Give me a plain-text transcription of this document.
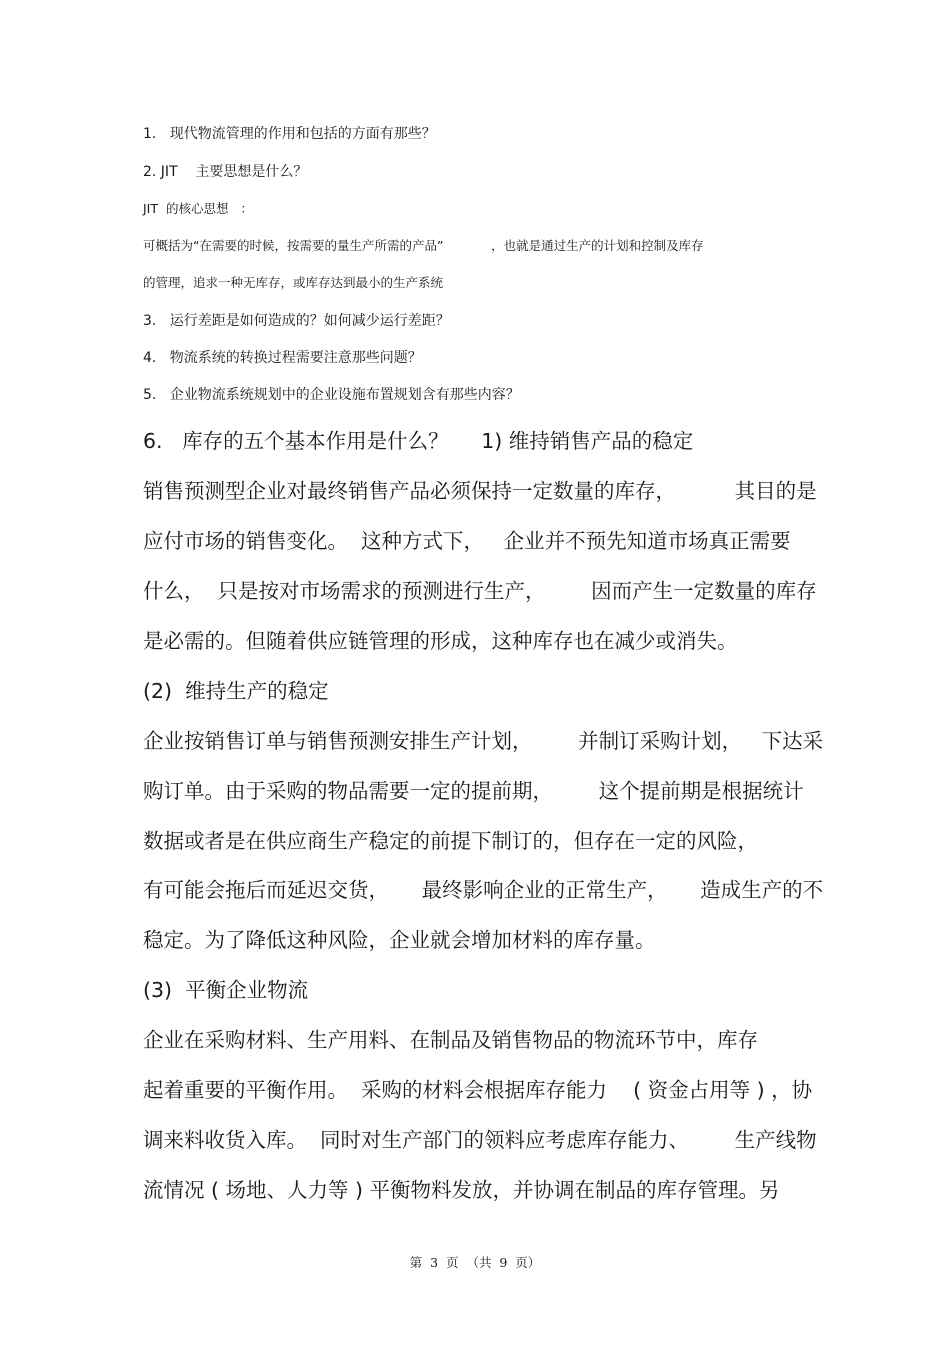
1.   现代物流管理的作用和包括的方面有那些？
2. JIT    主要思想是什么？
JIT  的核心思想   ：
可概括为“在需要的时候，按需要的量生产所需的产品”            ，也就是通过生产的计划和控制及库存
的管理，追求一种无库存，或库存达到最小的生产系统
3.   运行差距是如何造成的？如何减少运行差距？
4.   物流系统的转换过程需要注意那些问题？
5.   企业物流系统规划中的企业设施布置规划含有那些内容？
6.   库存的五个基本作用是什么？     1) 维持销售产品的稳定
销售预测型企业对最终销售产品必须保持一定数量的库存，         其目的是
应付市场的销售变化。  这种方式下，   企业并不预先知道市场真正需要
什么，  只是按对市场需求的预测进行生产，       因而产生一定数量的库存
是必需的。但随着供应链管理的形成，这种库存也在减少或消失。
(2)  维持生产的稳定
企业按销售订单与销售预测安排生产计划，       并制订采购计划，   下达采
购订单。由于采购的物品需要一定的提前期，       这个提前期是根据统计
数据或者是在供应商生产稳定的前提下制订的，但存在一定的风险，
有可能会拖后而延迟交货，     最终影响企业的正常生产，     造成生产的不
稳定。为了降低这种风险，企业就会增加材料的库存量。
(3)  平衡企业物流
企业在采购材料、生产用料、在制品及销售物品的物流环节中，库存
起着重要的平衡作用。  采购的材料会根据库存能力    ( 资金占用等 ) ，协
调来料收货入库。  同时对生产部门的领料应考虑库存能力、       生产线物
流情况 ( 场地、人力等 ) 平衡物料发放，并协调在制品的库存管理。另
第  3  页  （共  9  页）
